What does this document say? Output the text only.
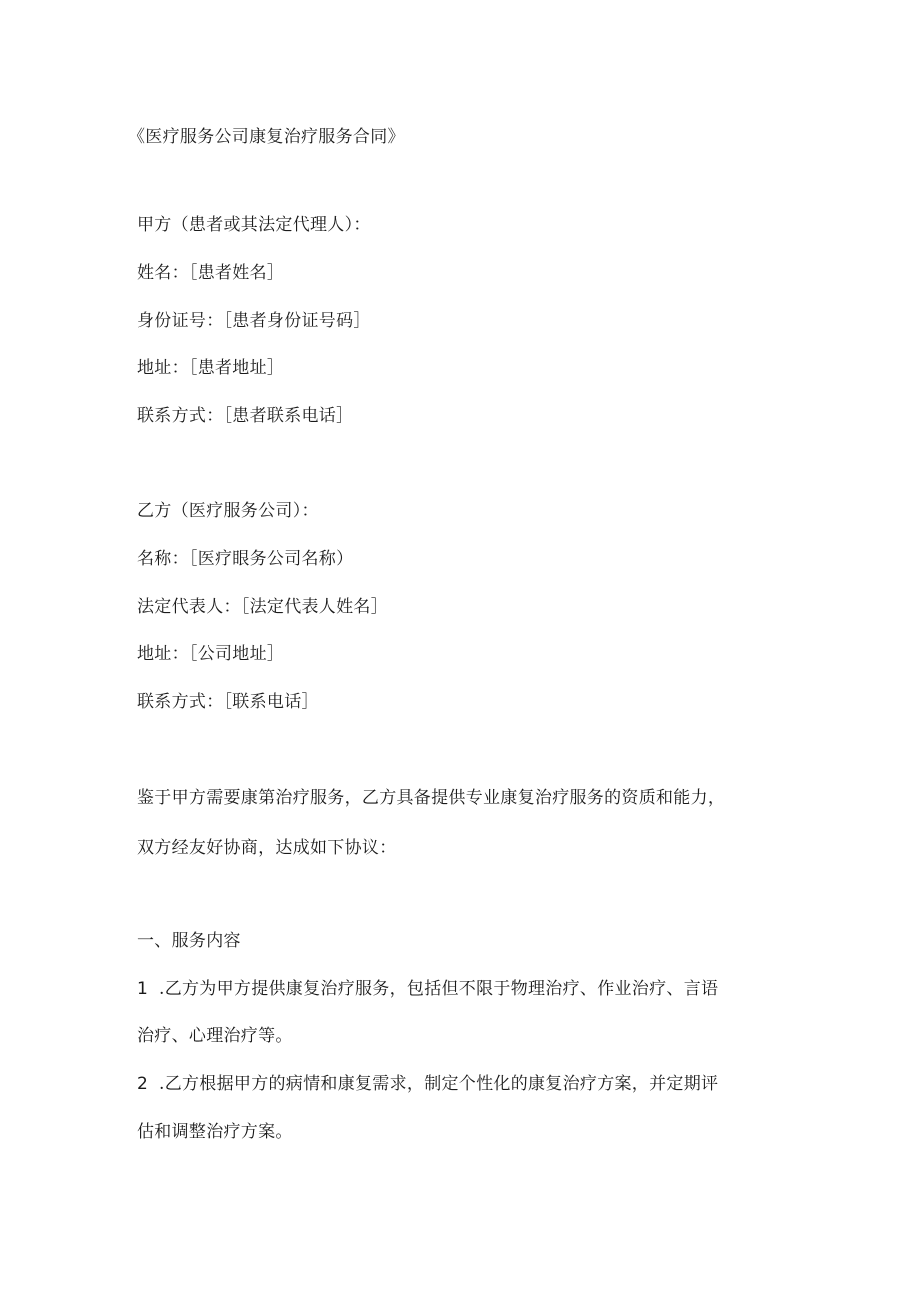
《医疗服务公司康复治疗服务合同》
甲方（患者或其法定代理人）：
姓名：［患者姓名］
身份证号：［患者身份证号码］
地址：［患者地址］
联系方式：［患者联系电话］
乙方（医疗服务公司）：
名称：［医疗眼务公司名称）
法定代表人：［法定代表人姓名］
地址：［公司地址］
联系方式：［联系电话］
鉴于甲方需要康第治疗服务，乙方具备提供专业康复治疗服务的资质和能力，
双方经友好协商，达成如下协议：
一、服务内容
1 .乙方为甲方提供康复治疗服务，包括但不限于物理治疗、作业治疗、言语
治疗、心理治疗等。
2 .乙方根据甲方的病情和康复需求，制定个性化的康复治疗方案，并定期评
估和调整治疗方案。
